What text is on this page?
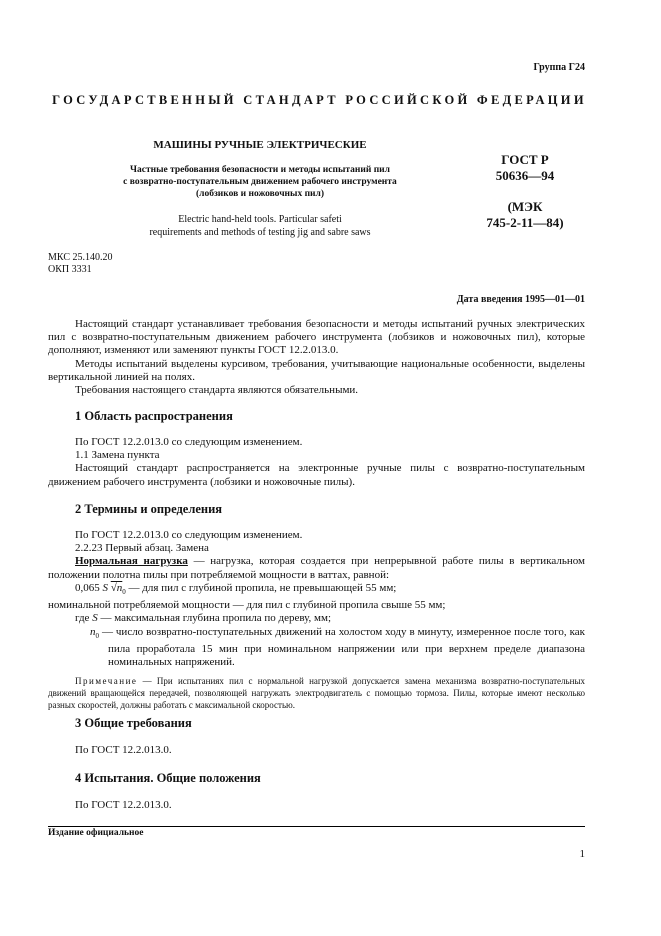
Группа Г24
ГОСУДАРСТВЕННЫЙ СТАНДАРТ РОССИЙСКОЙ ФЕДЕРАЦИИ
МАШИНЫ РУЧНЫЕ ЭЛЕКТРИЧЕСКИЕ
Частные требования безопасности и методы испытаний пил
с возвратно-поступательным движением рабочего инструмента
(лобзиков и ножовочных пил)
Electric hand-held tools. Particular safeti
requirements and methods of testing jig and sabre saws
ГОСТ Р
50636—94
(МЭК
745-2-11—84)
МКС 25.140.20
ОКП 3331
Дата введения 1995—01—01

Настоящий стандарт устанавливает требования безопасности и методы испытаний ручных электрических пил с возвратно-поступательным движением рабочего инструмента (лобзиков и ножовочных пил), которые дополняют, изменяют или заменяют пункты ГОСТ 12.2.013.0.

Методы испытаний выделены курсивом, требования, учитывающие национальные особенности, выделены вертикальной линией на полях.

Требования настоящего стандарта являются обязательными.

1 Область распространения

По ГОСТ 12.2.013.0 со следующим изменением.

1.1 Замена пункта

Настоящий стандарт распространяется на электронные ручные пилы с возвратно-поступательным движением рабочего инструмента (лобзики и ножовочные пилы).

2 Термины и определения

По ГОСТ 12.2.013.0 со следующим изменением.

2.2.23 Первый абзац. Замена

Нормальная нагрузка — нагрузка, которая создается при непрерывной работе пилы в вертикальном положении полотна пилы при потребляемой мощности в ваттах, равной:

0,065 S $√n_0$ — для пил с глубиной пропила, не превышающей 55 мм;

номинальной потребляемой мощности — для пил с глубиной пропила свыше 55 мм;

где S — максимальная глубина пропила по дереву, мм;

$n_0$ — число возвратно-поступательных движений на холостом ходу в минуту, измеренное после того, как пила проработала 15 мин при номинальном напряжении или при верхнем пределе диапазона номинальных напряжений.

Примечание — При испытаниях пил с нормальной нагрузкой допускается замена механизма возвратно-поступательных движений вращающейся передачей, позволяющей нагружать электродвигатель с помощью тормоза. Пилы, которые имеют несколько разных скоростей, должны работать с максимальной скоростью.

3 Общие требования

По ГОСТ 12.2.013.0.

4 Испытания. Общие положения

По ГОСТ 12.2.013.0.

Издание официальное
1
